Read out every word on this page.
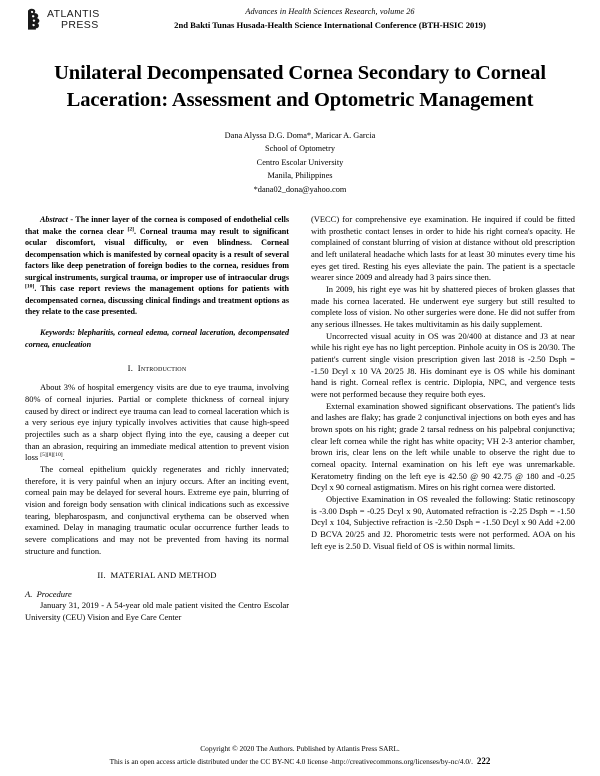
ATLANTIS
PRESS
Advances in Health Sciences Research, volume 26
2nd Bakti Tunas Husada-Health Science International Conference (BTH-HSIC 2019)
Unilateral Decompensated Cornea Secondary to Corneal Laceration: Assessment and Optometric Management
Dana Alyssa D.G. Doma*, Maricar A. Garcia
School of Optometry
Centro Escolar University
Manila, Philippines
*dana02_dona@yahoo.com
Abstract - The inner layer of the cornea is composed of endothelial cells that make the cornea clear [2]. Corneal trauma may result to significant ocular discomfort, visual difficulty, or even blindness. Corneal decompensation which is manifested by corneal opacity is a result of several factors like deep penetration of foreign bodies to the cornea, residues from surgical instruments, surgical trauma, or improper use of intraocular drugs [10]. This case report reviews the management options for patients with decompensated cornea, discussing clinical findings and treatment options as they relate to the case presented.
Keywords: blepharitis, corneal edema, corneal laceration, decompensated cornea, enucleation
I. Introduction

About 3% of hospital emergency visits are due to eye trauma, involving 80% of corneal injuries. Partial or complete thickness of corneal injury caused by direct or indirect eye trauma can lead to corneal laceration which is a very serious eye injury typically involves activities that cause high-speed projectiles such as a sharp object flying into the eye, causing a deeper cut than an abrasion, requiring an immediate medical attention to prevent vision loss [5][8][10].

The corneal epithelium quickly regenerates and richly innervated; therefore, it is very painful when an injury occurs. After an inciting event, corneal pain may be delayed for several hours. Extreme eye pain, blurring of vision and foreign body sensation with clinical indications such as excessive tearing, blepharospasm, and conjunctival erythema can be observed when examined. Delay in managing traumatic ocular occurrence further leads to severe complications and may not be prevented from having its normal structure and function.

II. MATERIAL AND METHOD
A. Procedure

January 31, 2019 - A 54-year old male patient visited the Centro Escolar University (CEU) Vision and Eye Care Center

(VECC) for comprehensive eye examination. He inquired if could be fitted with prosthetic contact lenses in order to hide his right cornea's opacity. He complained of constant blurring of vision at distance without old prescription and left unilateral headache which lasts for at least 30 minutes every time his eyes get tired. Resting his eyes alleviate the pain. The patient is a spectacle wearer since 2009 and already had 3 pairs since then.

In 2009, his right eye was hit by shattered pieces of broken glasses that made his cornea lacerated. He underwent eye surgery but still resulted to complete loss of vision. No other surgeries were done. He did not suffer from any serious illnesses. He takes multivitamin as his daily supplement.

Uncorrected visual acuity in OS was 20/400 at distance and J3 at near while his right eye has no light perception. Pinhole acuity in OS is 20/30. The patient's current single vision prescription given last 2018 is -2.50 Dsph = -1.50 Dcyl x 10 VA 20/25 J8. His dominant eye is OS while his dominant hand is right. Corneal reflex is centric. Diplopia, NPC, and vergence tests were not performed because they require both eyes.

External examination showed significant observations. The patient's lids and lashes are flaky; has grade 2 conjunctival injections on both eyes and has brown spots on his right; grade 2 tarsal redness on his palpebral conjunctiva; clear left cornea while the right has white opacity; VH 2-3 anterior chamber, brown iris, clear lens on the left while unable to observe the right due to corneal opacity. Internal examination on his left eye was unremarkable. Keratometry finding on the left eye is 42.50 @ 90 42.75 @ 180 and -0.25 Dcyl x 90 corneal astigmatism. Mires on his right cornea were distorted.

Objective Examination in OS revealed the following: Static retinoscopy is -3.00 Dsph = -0.25 Dcyl x 90, Automated refraction is -2.25 Dsph = -1.50 Dcyl x 104, Subjective refraction is -2.50 Dsph = -1.50 Dcyl x 90 Add +2.00 D BCVA 20/25 and J2. Phorometric tests were not performed. AOA on his left eye is 2.50 D. Visual field of OS is within normal limits.

Copyright © 2020 The Authors. Published by Atlantis Press SARL.
This is an open access article distributed under the CC BY-NC 4.0 license -http://creativecommons.org/licenses/by-nc/4.0/. 222
